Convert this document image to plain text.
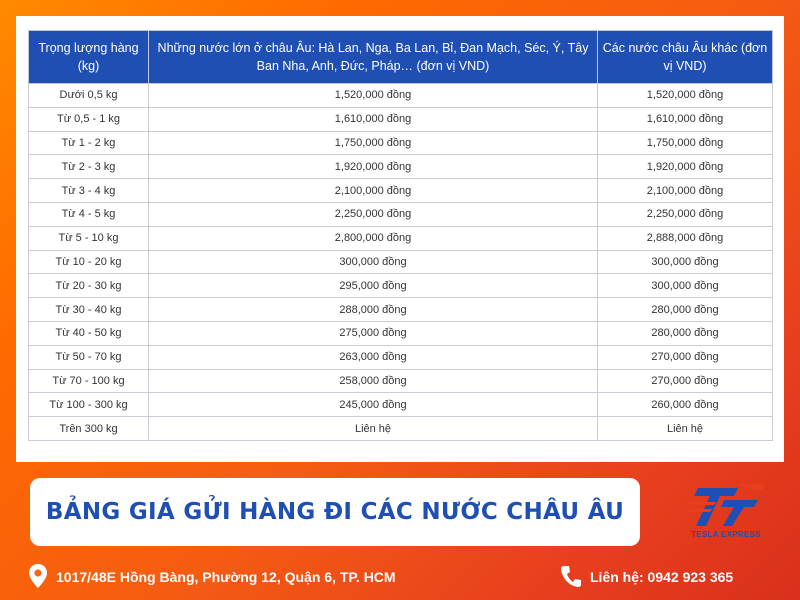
Trọng lượng hàng (kg)	Những nước lớn ở châu Âu: Hà Lan, Nga, Ba Lan, Bỉ, Đan Mạch, Séc, Ý, Tây Ban Nha, Anh, Đức, Pháp… (đơn vị VND)	Các nước châu Âu khác (đơn vị VND)
Dưới 0,5 kg	1,520,000 đồng	1,520,000 đồng
Từ 0,5 - 1 kg	1,610,000 đồng	1,610,000 đồng
Từ 1 - 2 kg	1,750,000 đồng	1,750,000 đồng
Từ 2 - 3 kg	1,920,000 đồng	1,920,000 đồng
Từ 3 - 4 kg	2,100,000 đồng	2,100,000 đồng
Từ 4 - 5 kg	2,250,000 đồng	2,250,000 đồng
Từ 5 - 10 kg	2,800,000 đồng	2,888,000 đồng
Từ 10 - 20 kg	300,000 đồng	300,000 đồng
Từ 20 - 30 kg	295,000 đồng	300,000 đồng
Từ 30 - 40 kg	288,000 đồng	280,000 đồng
Từ 40 - 50 kg	275,000 đồng	280,000 đồng
Từ 50 - 70 kg	263,000 đồng	270,000 đồng
Từ 70 - 100 kg	258,000 đồng	270,000 đồng
Từ 100 - 300 kg	245,000 đồng	260,000 đồng
Trên 300 kg	Liên hệ	Liên hệ
BẢNG GIÁ GỬI HÀNG ĐI CÁC NƯỚC CHÂU ÂU
TESLA EXPRESS
1017/48E Hồng Bàng, Phường 12, Quận 6, TP. HCM	Liên hệ: 0942 923 365
